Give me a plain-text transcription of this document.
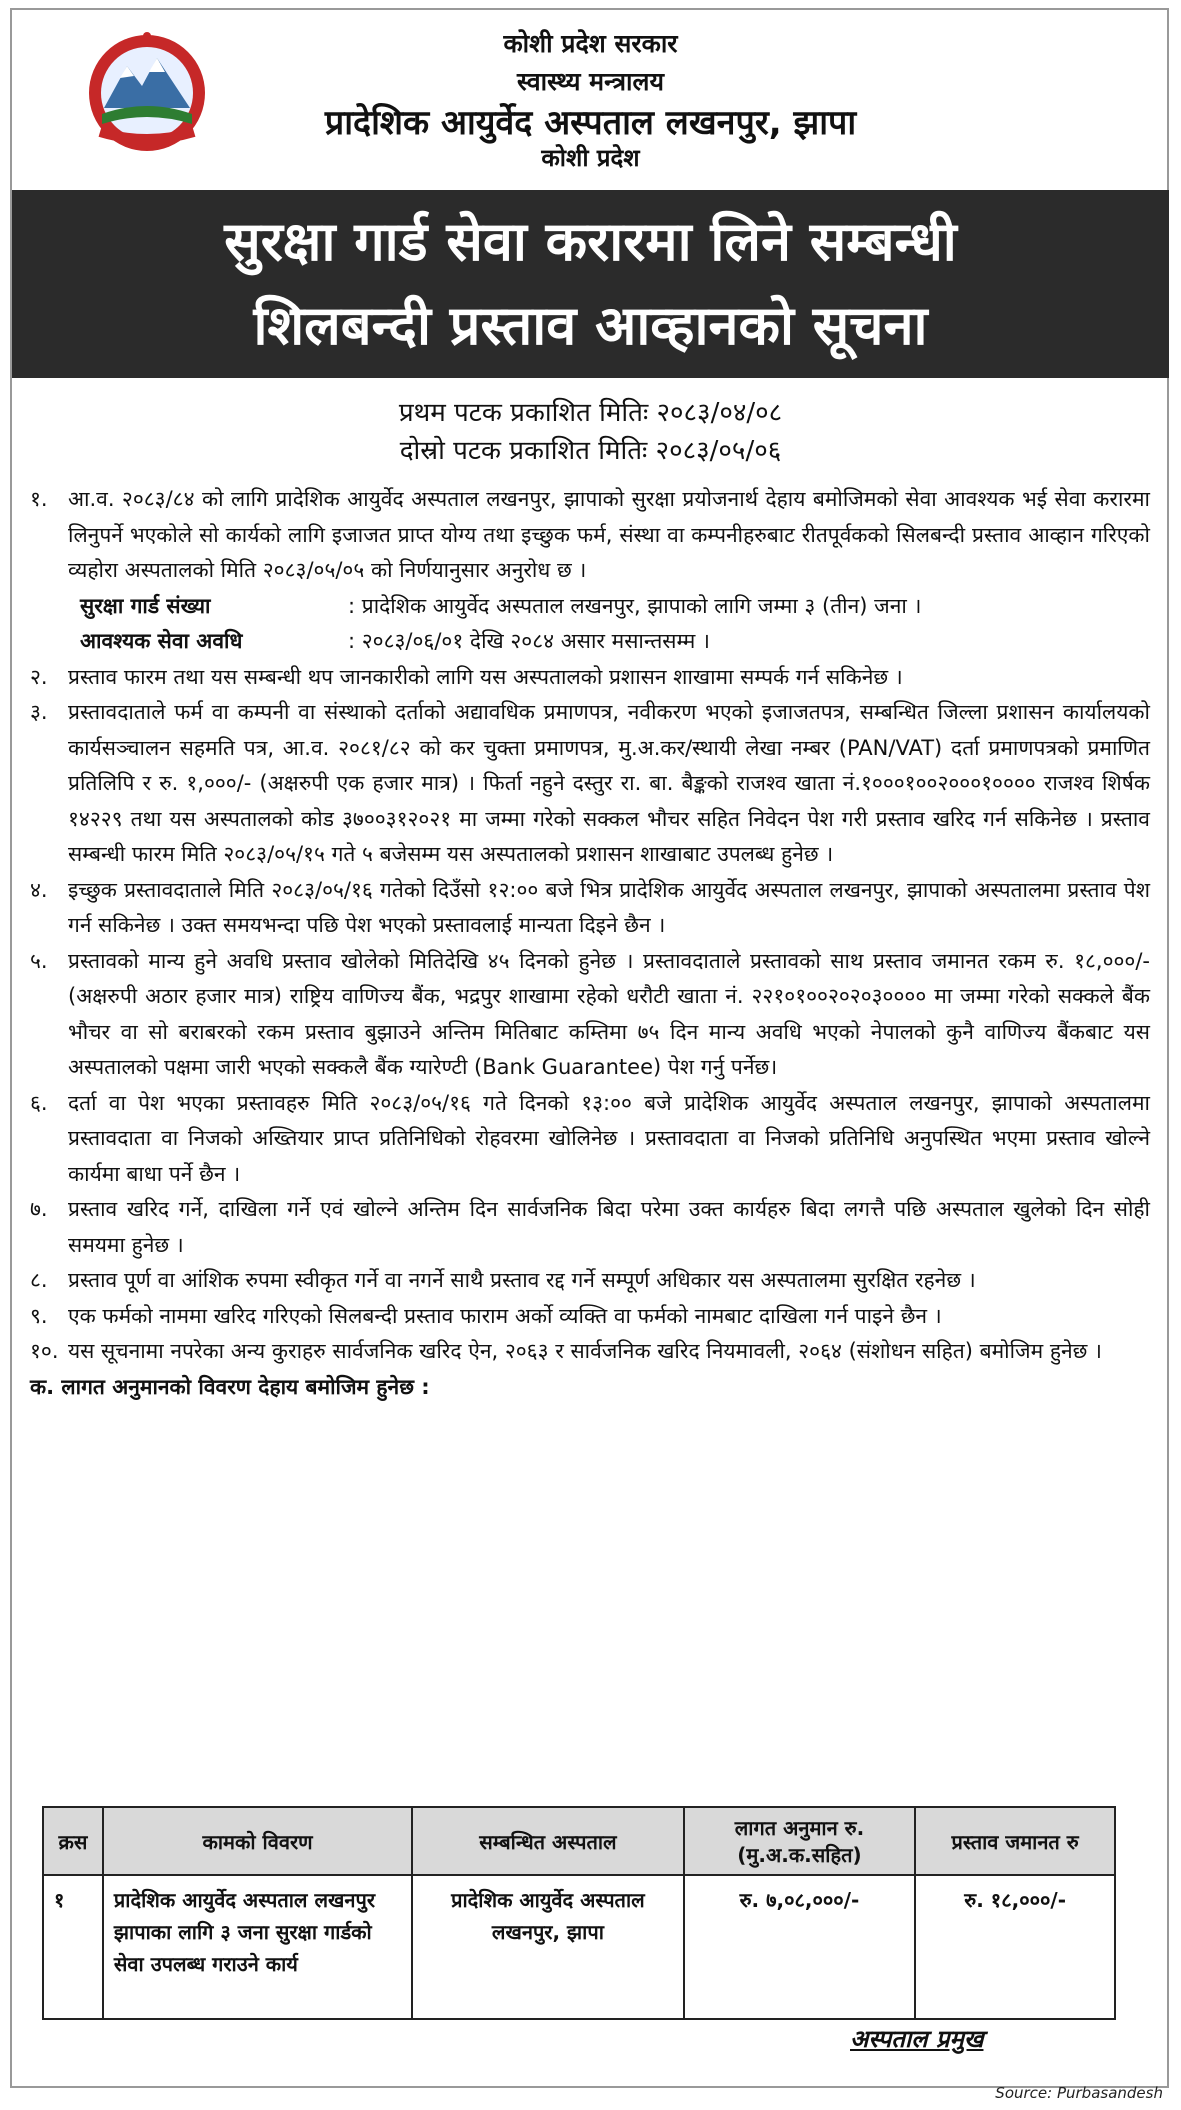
कोशी प्रदेश सरकार
स्वास्थ्य मन्त्रालय
प्रादेशिक आयुर्वेद अस्पताल लखनपुर, झापा
कोशी प्रदेश
सुरक्षा गार्ड सेवा करारमा लिने सम्बन्धी
शिलबन्दी प्रस्ताव आव्हानको सूचना
प्रथम पटक प्रकाशित मितिः २०८३/०४/०८
दोस्रो पटक प्रकाशित मितिः २०८३/०५/०६
१. आ.व. २०८३/८४ को लागि प्रादेशिक आयुर्वेद अस्पताल लखनपुर, झापाको सुरक्षा प्रयोजनार्थ देहाय बमोजिमको सेवा आवश्यक भई सेवा करारमा लिनुपर्ने भएकोले सो कार्यको लागि इजाजत प्राप्त योग्य तथा इच्छुक फर्म, संस्था वा कम्पनीहरुबाट रीतपूर्वकको सिलबन्दी प्रस्ताव आव्हान गरिएको व्यहोरा अस्पतालको मिति २०८३/०५/०५ को निर्णयानुसार अनुरोध छ ।
सुरक्षा गार्ड संख्या	: प्रादेशिक आयुर्वेद अस्पताल लखनपुर, झापाको लागि जम्मा ३ (तीन) जना ।
आवश्यक सेवा अवधि	: २०८३/०६/०१ देखि २०८४ असार मसान्तसम्म ।
२. प्रस्ताव फारम तथा यस सम्बन्धी थप जानकारीको लागि यस अस्पतालको प्रशासन शाखामा सम्पर्क गर्न सकिनेछ ।
३. प्रस्तावदाताले फर्म वा कम्पनी वा संस्थाको दर्ताको अद्यावधिक प्रमाणपत्र, नवीकरण भएको इजाजतपत्र, सम्बन्धित जिल्ला प्रशासन कार्यालयको कार्यसञ्चालन सहमति पत्र, आ.व. २०८१/८२ को कर चुक्ता प्रमाणपत्र, मु.अ.कर/स्थायी लेखा नम्बर (PAN/VAT) दर्ता प्रमाणपत्रको प्रमाणित प्रतिलिपि र रु. १,०००/- (अक्षरुपी एक हजार मात्र) । फिर्ता नहुने दस्तुर रा. बा. बैङ्कको राजश्व खाता नं.१०००१००२०००१०००० राजश्व शिर्षक १४२२९ तथा यस अस्पतालको कोड ३७००३१२०२१ मा जम्मा गरेको सक्कल भौचर सहित निवेदन पेश गरी प्रस्ताव खरिद गर्न सकिनेछ । प्रस्ताव सम्बन्धी फारम मिति २०८३/०५/१५ गते ५ बजेसम्म यस अस्पतालको प्रशासन शाखाबाट उपलब्ध हुनेछ ।
४. इच्छुक प्रस्तावदाताले मिति २०८३/०५/१६ गतेको दिउँसो १२:०० बजे भित्र प्रादेशिक आयुर्वेद अस्पताल लखनपुर, झापाको अस्पतालमा प्रस्ताव पेश गर्न सकिनेछ । उक्त समयभन्दा पछि पेश भएको प्रस्तावलाई मान्यता दिइने छैन ।
५. प्रस्तावको मान्य हुने अवधि प्रस्ताव खोलेको मितिदेखि ४५ दिनको हुनेछ । प्रस्तावदाताले प्रस्तावको साथ प्रस्ताव जमानत रकम रु. १८,०००/-(अक्षरुपी अठार हजार मात्र) राष्ट्रिय वाणिज्य बैंक, भद्रपुर शाखामा रहेको धरौटी खाता नं. २२१०१००२०२०३०००० मा जम्मा गरेको सक्कले बैंक भौचर वा सो बराबरको रकम प्रस्ताव बुझाउने अन्तिम मितिबाट कम्तिमा ७५ दिन मान्य अवधि भएको नेपालको कुनै वाणिज्य बैंकबाट यस अस्पतालको पक्षमा जारी भएको सक्कलै बैंक ग्यारेण्टी (Bank Guarantee) पेश गर्नु पर्नेछ।
६. दर्ता वा पेश भएका प्रस्तावहरु मिति २०८३/०५/१६ गते दिनको १३:०० बजे प्रादेशिक आयुर्वेद अस्पताल लखनपुर, झापाको अस्पतालमा प्रस्तावदाता वा निजको अख्तियार प्राप्त प्रतिनिधिको रोहवरमा खोलिनेछ । प्रस्तावदाता वा निजको प्रतिनिधि अनुपस्थित भएमा प्रस्ताव खोल्ने कार्यमा बाधा पर्ने छैन ।
७. प्रस्ताव खरिद गर्ने, दाखिला गर्ने एवं खोल्ने अन्तिम दिन सार्वजनिक बिदा परेमा उक्त कार्यहरु बिदा लगत्तै पछि अस्पताल खुलेको दिन सोही समयमा हुनेछ ।
८. प्रस्ताव पूर्ण वा आंशिक रुपमा स्वीकृत गर्ने वा नगर्ने साथै प्रस्ताव रद्द गर्ने सम्पूर्ण अधिकार यस अस्पतालमा सुरक्षित रहनेछ ।
९. एक फर्मको नाममा खरिद गरिएको सिलबन्दी प्रस्ताव फाराम अर्को व्यक्ति वा फर्मको नामबाट दाखिला गर्न पाइने छैन ।
१०. यस सूचनामा नपरेका अन्य कुराहरु सार्वजनिक खरिद ऐन, २०६३ र सार्वजनिक खरिद नियमावली, २०६४ (संशोधन सहित) बमोजिम हुनेछ ।
क. लागत अनुमानको विवरण देहाय बमोजिम हुनेछ :
क्रस	कामको विवरण	सम्बन्धित अस्पताल	लागत अनुमान रु. (मु.अ.क.सहित)	प्रस्ताव जमानत रु
१	प्रादेशिक आयुर्वेद अस्पताल लखनपुर झापाका लागि ३ जना सुरक्षा गार्डको सेवा उपलब्ध गराउने कार्य	प्रादेशिक आयुर्वेद अस्पताल लखनपुर, झापा	रु. ७,०८,०००/-	रु. १८,०००/-
अस्पताल प्रमुख
Source: Purbasandesh
